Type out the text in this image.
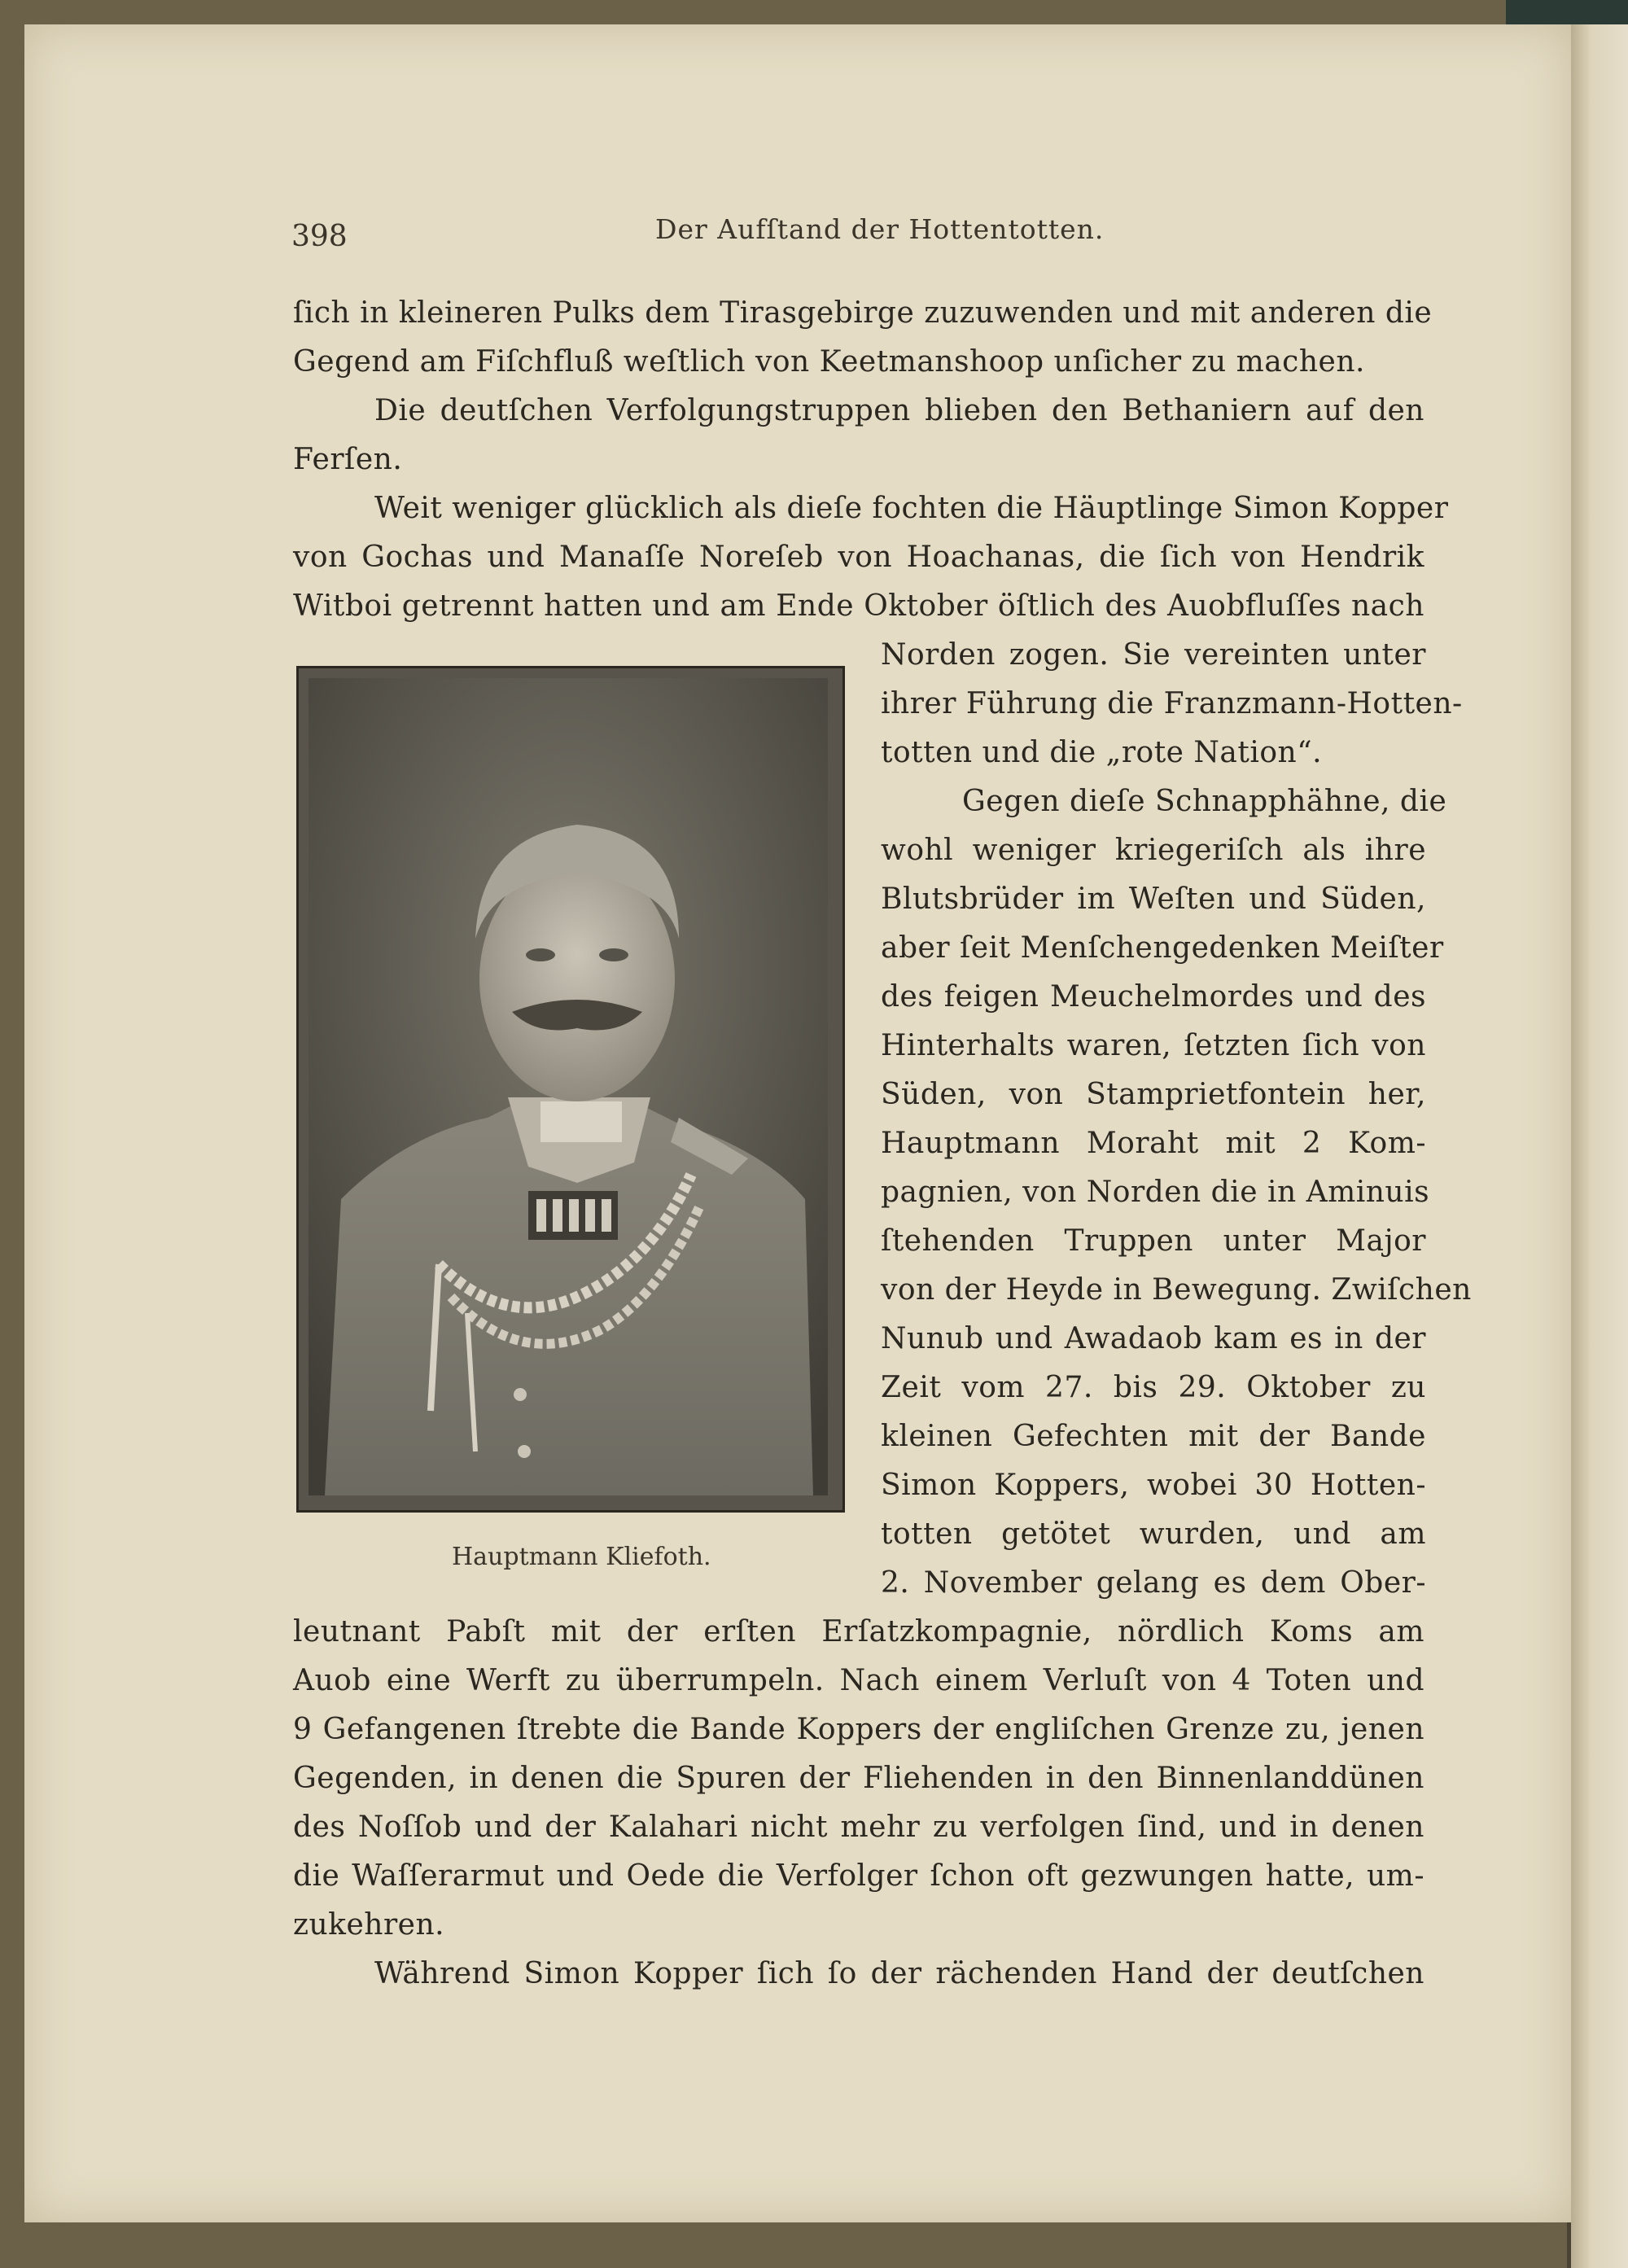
398	Der Aufſtand der Hottentotten.
ſich in kleineren Pulks dem Tirasgebirge zuzuwenden und mit anderen die
Gegend am Fiſchfluß weſtlich von Keetmanshoop unſicher zu machen.
Die deutſchen Verfolgungstruppen blieben den Bethaniern auf den
Ferſen.
Weit weniger glücklich als dieſe fochten die Häuptlinge Simon Kopper
von Gochas und Manaſſe Noreſeb von Hoachanas, die ſich von Hendrik
Witboi getrennt hatten und am Ende Oktober öſtlich des Auobfluſſes nach
Hauptmann Kliefoth.
Norden zogen. Sie vereinten unter
ihrer Führung die Franzmann-Hotten-
totten und die „rote Nation“.
Gegen dieſe Schnapphähne, die
wohl weniger kriegeriſch als ihre
Blutsbrüder im Weſten und Süden,
aber ſeit Menſchengedenken Meiſter
des feigen Meuchelmordes und des
Hinterhalts waren, ſetzten ſich von
Süden, von Stamprietfontein her,
Hauptmann Moraht mit 2 Kom-
pagnien, von Norden die in Aminuis
ſtehenden Truppen unter Major
von der Heyde in Bewegung. Zwiſchen
Nunub und Awadaob kam es in der
Zeit vom 27. bis 29. Oktober zu
kleinen Gefechten mit der Bande
Simon Koppers, wobei 30 Hotten-
totten getötet wurden, und am
2. November gelang es dem Ober-
leutnant Pabſt mit der erſten Erſatzkompagnie, nördlich Koms am
Auob eine Werft zu überrumpeln. Nach einem Verluſt von 4 Toten und
9 Gefangenen ſtrebte die Bande Koppers der engliſchen Grenze zu, jenen
Gegenden, in denen die Spuren der Fliehenden in den Binnenlanddünen
des Noſſob und der Kalahari nicht mehr zu verfolgen ſind, und in denen
die Waſſerarmut und Oede die Verfolger ſchon oft gezwungen hatte, um-
zukehren.
Während Simon Kopper ſich ſo der rächenden Hand der deutſchen
